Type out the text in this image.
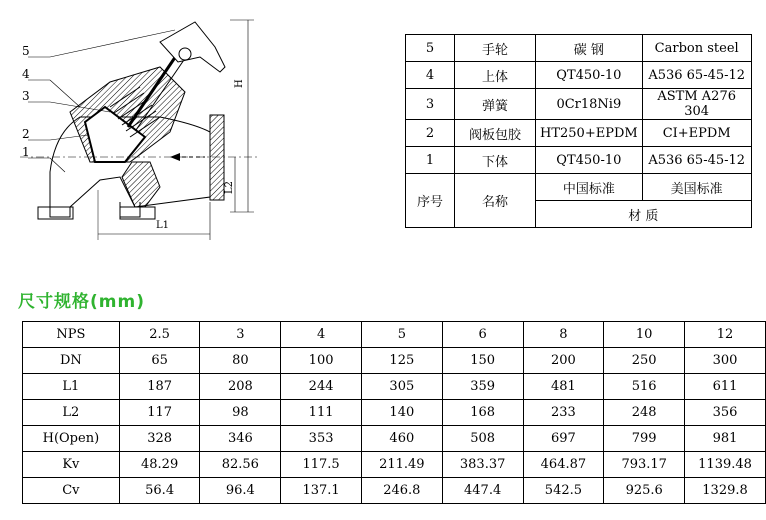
H
L2
L1
5
4
3
2
1
5	手轮	碳 钢	Carbon steel
4	上体	QT450-10	A536 65-45-12
3	弹簧	0Cr18Ni9	ASTM A276 304
2	阀板包胶	HT250+EPDM	CI+EPDM
1	下体	QT450-10	A536 65-45-12
序号	名称	中国标准	美国标准
		材 质	
尺寸规格(mm)
NPS	2.5	3	4	5	6	8	10	12
DN	65	80	100	125	150	200	250	300
L1	187	208	244	305	359	481	516	611
L2	117	98	111	140	168	233	248	356
H(Open)	328	346	353	460	508	697	799	981
Kv	48.29	82.56	117.5	211.49	383.37	464.87	793.17	1139.48
Cv	56.4	96.4	137.1	246.8	447.4	542.5	925.6	1329.8
